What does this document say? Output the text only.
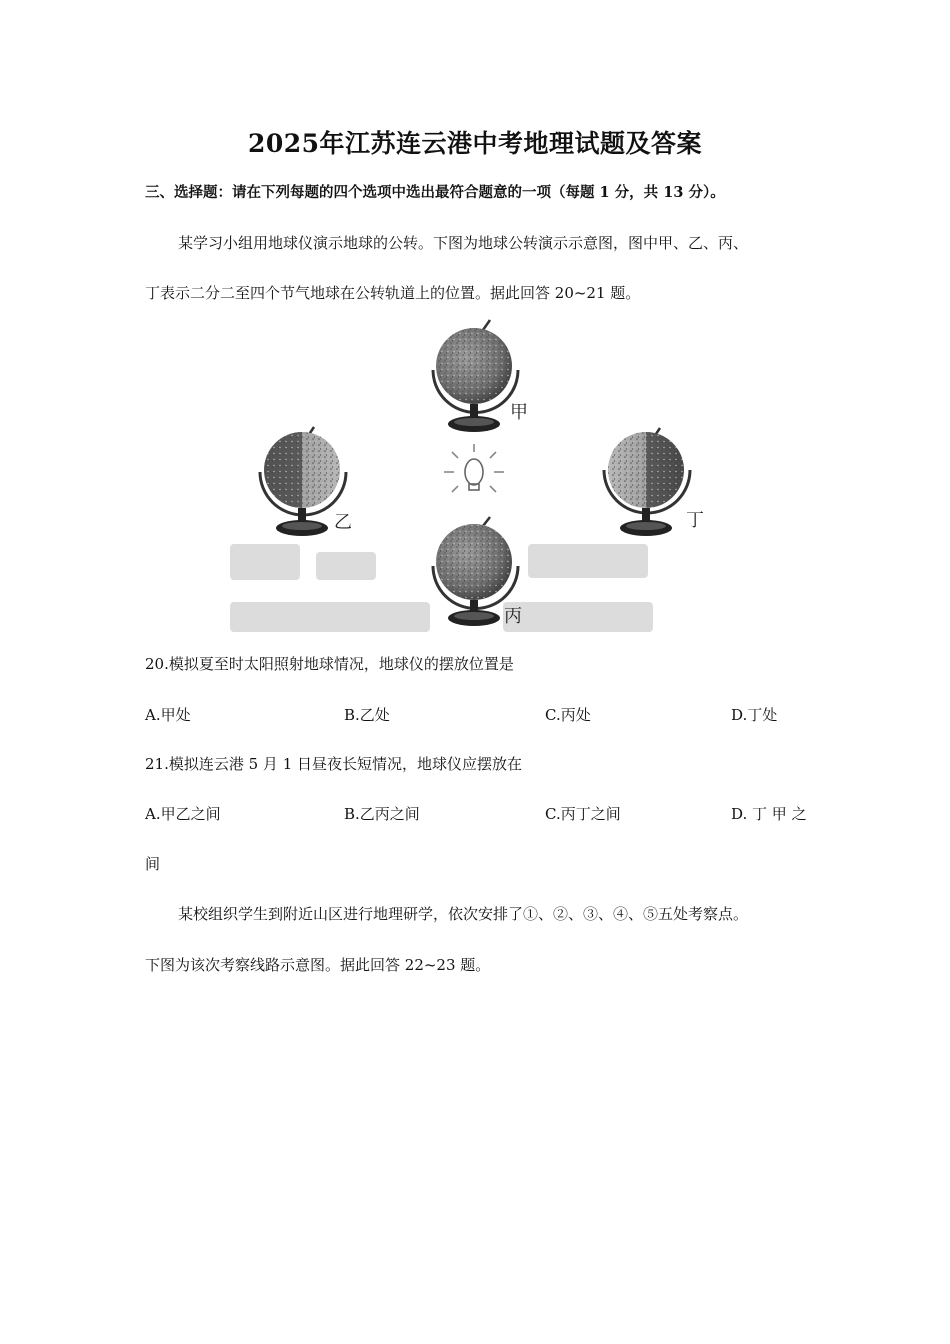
2025年江苏连云港中考地理试题及答案
三、选择题：请在下列每题的四个选项中选出最符合题意的一项（每题 1 分，共 13 分）。
某学习小组用地球仪演示地球的公转。下图为地球公转演示示意图，图中甲、乙、丙、
丁表示二分二至四个节气地球在公转轨道上的位置。据此回答 20~21 题。
甲
乙	丁
丙
20.模拟夏至时太阳照射地球情况，地球仪的摆放位置是
A.甲处	B.乙处	C.丙处	D.丁处
21.模拟连云港 5 月 1 日昼夜长短情况，地球仪应摆放在
A.甲乙之间	B.乙丙之间	C.丙丁之间	D. 丁 甲 之
间
某校组织学生到附近山区进行地理研学，依次安排了①、②、③、④、⑤五处考察点。
下图为该次考察线路示意图。据此回答 22~23 题。
